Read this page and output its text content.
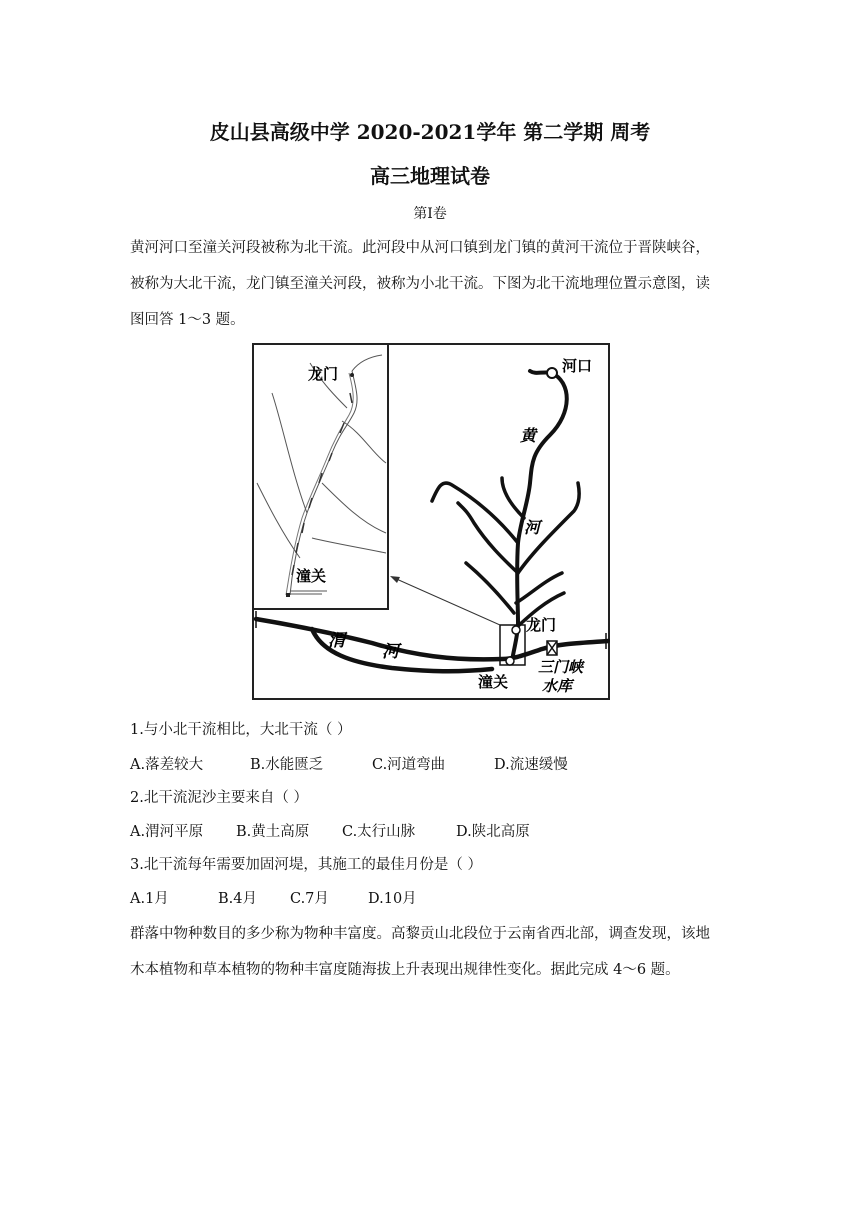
皮山县高级中学 2020-2021学年 第二学期 周考
高三地理试卷
第Ⅰ卷
黄河河口至潼关河段被称为北干流。此河段中从河口镇到龙门镇的黄河干流位于晋陕峡谷，
被称为大北干流，龙门镇至潼关河段，被称为小北干流。下图为北干流地理位置示意图，读
图回答 1～3 题。
龙门
潼关
河口
黄
河
渭
河
龙门
潼关
三门峡
水库
1.与小北干流相比，大北干流（ ）
A.落差较大	B.水能匮乏	C.河道弯曲	D.流速缓慢
2.北干流泥沙主要来自（ ）
A.渭河平原 B.黄土高原 C.太行山脉	D.陕北高原
3.北干流每年需要加固河堤，其施工的最佳月份是（ ）
A.1月	B.4月 C.7月	D.10月
群落中物种数目的多少称为物种丰富度。高黎贡山北段位于云南省西北部，调查发现，该地
木本植物和草本植物的物种丰富度随海拔上升表现出规律性变化。据此完成 4～6 题。
